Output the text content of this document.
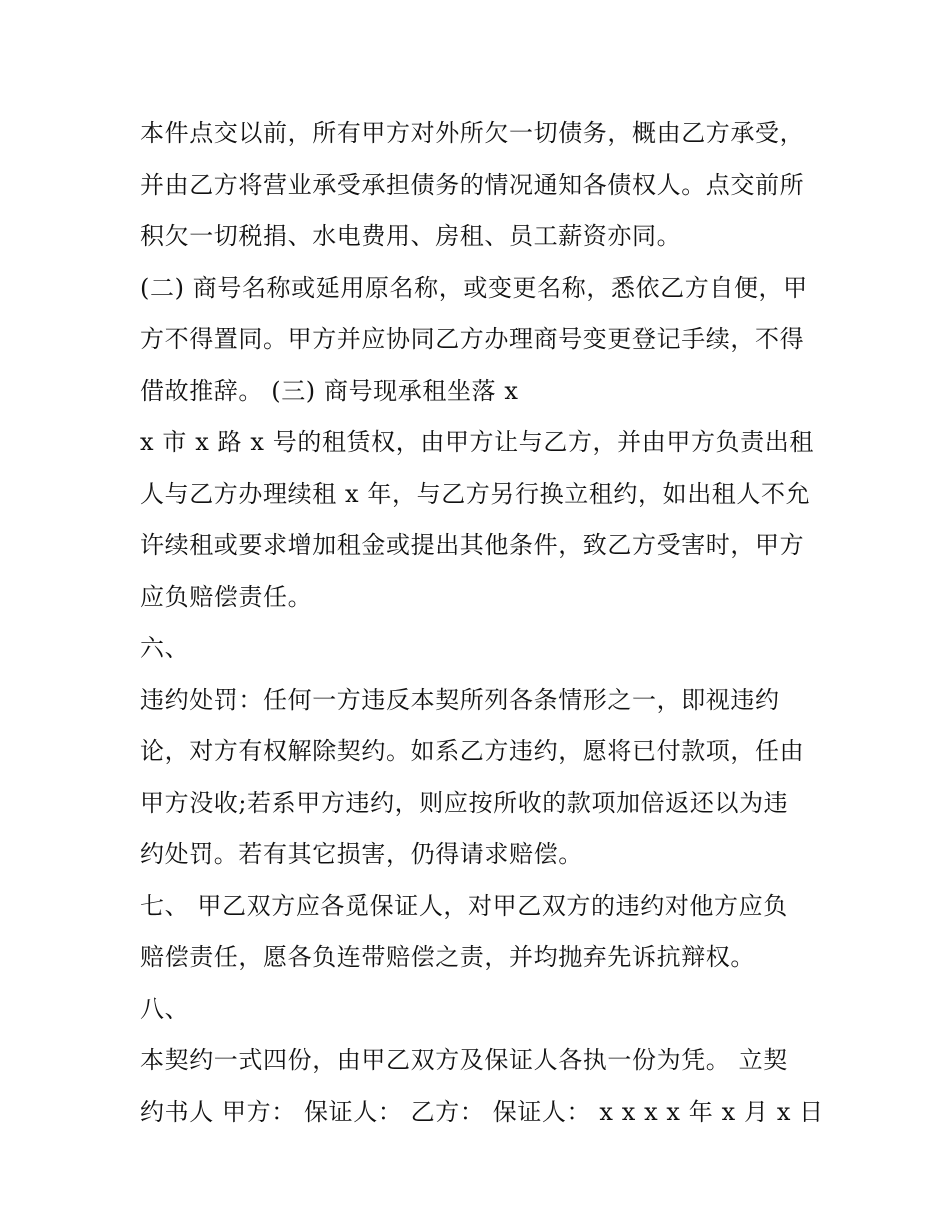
本件点交以前，所有甲方对外所欠一切债务，概由乙方承受，
并由乙方将营业承受承担债务的情况通知各债权人。点交前所
积欠一切税捐、水电费用、房租、员工薪资亦同。
(二) 商号名称或延用原名称，或变更名称，悉依乙方自便，甲
方不得置同。甲方并应协同乙方办理商号变更登记手续，不得
借故推辞。 (三) 商号现承租坐落 x
x 市 x 路 x 号的租赁权，由甲方让与乙方，并由甲方负责出租
人与乙方办理续租 x 年，与乙方另行换立租约，如出租人不允
许续租或要求增加租金或提出其他条件，致乙方受害时，甲方
应负赔偿责任。
六、
违约处罚：任何一方违反本契所列各条情形之一，即视违约
论，对方有权解除契约。如系乙方违约，愿将已付款项，任由
甲方没收;若系甲方违约，则应按所收的款项加倍返还以为违
约处罚。若有其它损害，仍得请求赔偿。
七、 甲乙双方应各觅保证人，对甲乙双方的违约对他方应负
赔偿责任，愿各负连带赔偿之责，并均抛弃先诉抗辩权。
八、
本契约一式四份，由甲乙双方及保证人各执一份为凭。 立契
约书人 甲方： 保证人： 乙方： 保证人： x x x x 年 x 月 x 日
